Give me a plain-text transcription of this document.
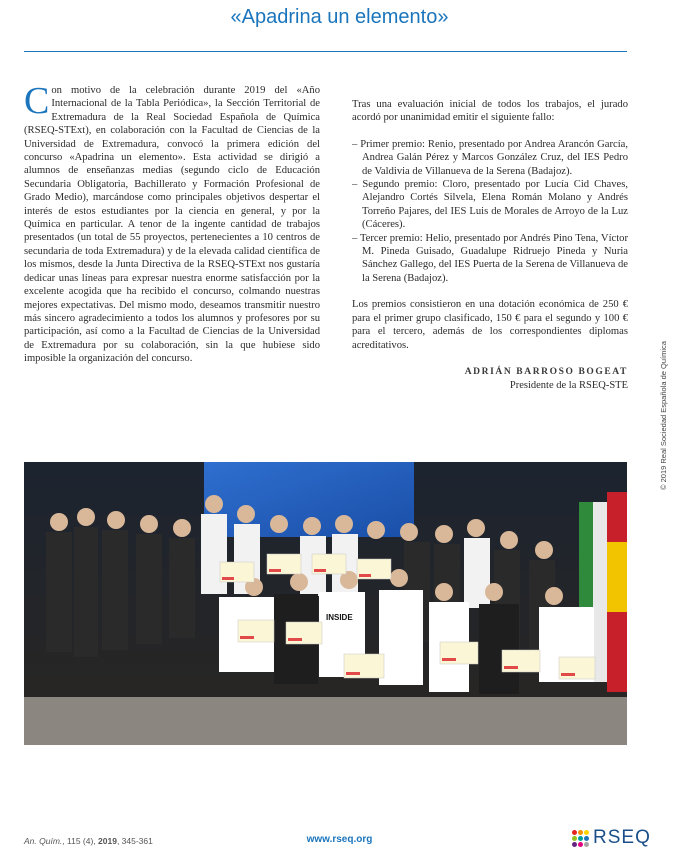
«Apadrina un elemento»
C on motivo de la celebración durante 2019 del «Año Internacional de la Tabla Periódica», la Sección Territorial de Extremadura de la Real Sociedad Española de Química (RSEQ-STExt), en colaboración con la Facultad de Ciencias de la Universidad de Extremadura, convocó la primera edición del concurso «Apadrina un elemento». Esta actividad se dirigió a alumnos de enseñanzas medias (segundo ciclo de Educación Secundaria Obligatoria, Bachillerato y Formación Profesional de Grado Medio), marcándose como principales objetivos despertar el interés de estos estudiantes por la ciencia en general, y por la Química en particular. A tenor de la ingente cantidad de trabajos presentados (un total de 55 proyectos, pertenecientes a 10 centros de secundaria de toda Extremadura) y de la elevada calidad científica de los mismos, desde la Junta Directiva de la RSEQ-STExt nos gustaría dedicar unas líneas para expresar nuestra enorme satisfacción por la excelente acogida que ha recibido el concurso, colmando nuestras mejores expectativas. Del mismo modo, deseamos transmitir nuestro más sincero agradecimiento a todos los alumnos y profesores por su participación, así como a la Facultad de Ciencias de la Universidad de Extremadura por su colaboración, sin la que hubiese sido imposible la organización del concurso.

Tras una evaluación inicial de todos los trabajos, el jurado acordó por unanimidad emitir el siguiente fallo:

– Primer premio: Renio, presentado por Andrea Arancón García, Andrea Galán Pérez y Marcos González Cruz, del IES Pedro de Valdivia de Villanueva de la Serena (Badajoz).
– Segundo premio: Cloro, presentado por Lucía Cid Chaves, Alejandro Cortés Silvela, Elena Román Molano y Andrés Torreño Pajares, del IES Luis de Morales de Arroyo de la Luz (Cáceres).
– Tercer premio: Helio, presentado por Andrés Pino Tena, Víctor M. Pineda Guisado, Guadalupe Ridruejo Pineda y Nuria Sánchez Gallego, del IES Puerta de la Serena de Villanueva de la Serena (Badajoz).

Los premios consistieron en una dotación económica de 250 € para el primer grupo clasificado, 150 € para el segundo y 100 € para el tercero, además de los correspondientes diplomas acreditativos.

ADRIÁN BARROSO BOGEAT
Presidente de la RSEQ-STE	© 2019 Real Sociedad Española de Química
INSIDE
An. Quím., 115 (4), 2019, 345-361	www.rseq.org	RSEQ
